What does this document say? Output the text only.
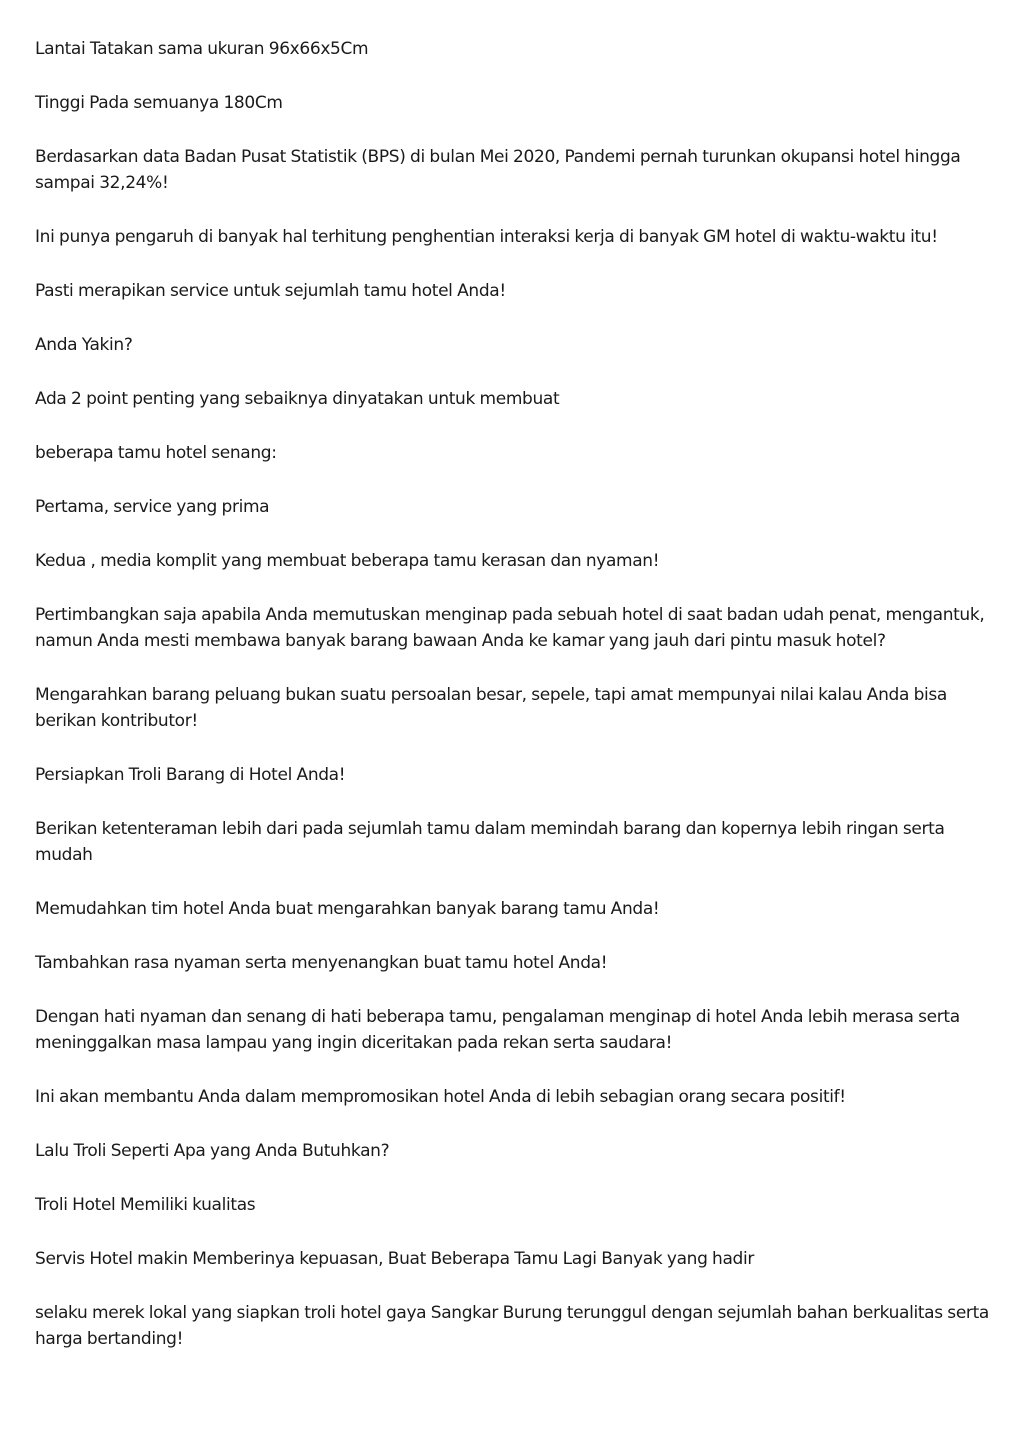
Lantai Tatakan sama ukuran 96x66x5Cm

Tinggi Pada semuanya 180Cm

Berdasarkan data Badan Pusat Statistik (BPS) di bulan Mei 2020, Pandemi pernah turunkan okupansi hotel hingga sampai 32,24%!

Ini punya pengaruh di banyak hal terhitung penghentian interaksi kerja di banyak GM hotel di waktu-waktu itu!

Pasti merapikan service untuk sejumlah tamu hotel Anda!

Anda Yakin?

Ada 2 point penting yang sebaiknya dinyatakan untuk membuat

beberapa tamu hotel senang:

Pertama, service yang prima

Kedua , media komplit yang membuat beberapa tamu kerasan dan nyaman!

Pertimbangkan saja apabila Anda memutuskan menginap pada sebuah hotel di saat badan udah penat, mengantuk, namun Anda mesti membawa banyak barang bawaan Anda ke kamar yang jauh dari pintu masuk hotel?

Mengarahkan barang peluang bukan suatu persoalan besar, sepele, tapi amat mempunyai nilai kalau Anda bisa berikan kontributor!

Persiapkan Troli Barang di Hotel Anda!

Berikan ketenteraman lebih dari pada sejumlah tamu dalam memindah barang dan kopernya lebih ringan serta mudah

Memudahkan tim hotel Anda buat mengarahkan banyak barang tamu Anda!

Tambahkan rasa nyaman serta menyenangkan buat tamu hotel Anda!

Dengan hati nyaman dan senang di hati beberapa tamu, pengalaman menginap di hotel Anda lebih merasa serta meninggalkan masa lampau yang ingin diceritakan pada rekan serta saudara!

Ini akan membantu Anda dalam mempromosikan hotel Anda di lebih sebagian orang secara positif!

Lalu Troli Seperti Apa yang Anda Butuhkan?

Troli Hotel Memiliki kualitas

Servis Hotel makin Memberinya kepuasan, Buat Beberapa Tamu Lagi Banyak yang hadir

selaku merek lokal yang siapkan troli hotel gaya Sangkar Burung terunggul dengan sejumlah bahan berkualitas serta harga bertanding!
